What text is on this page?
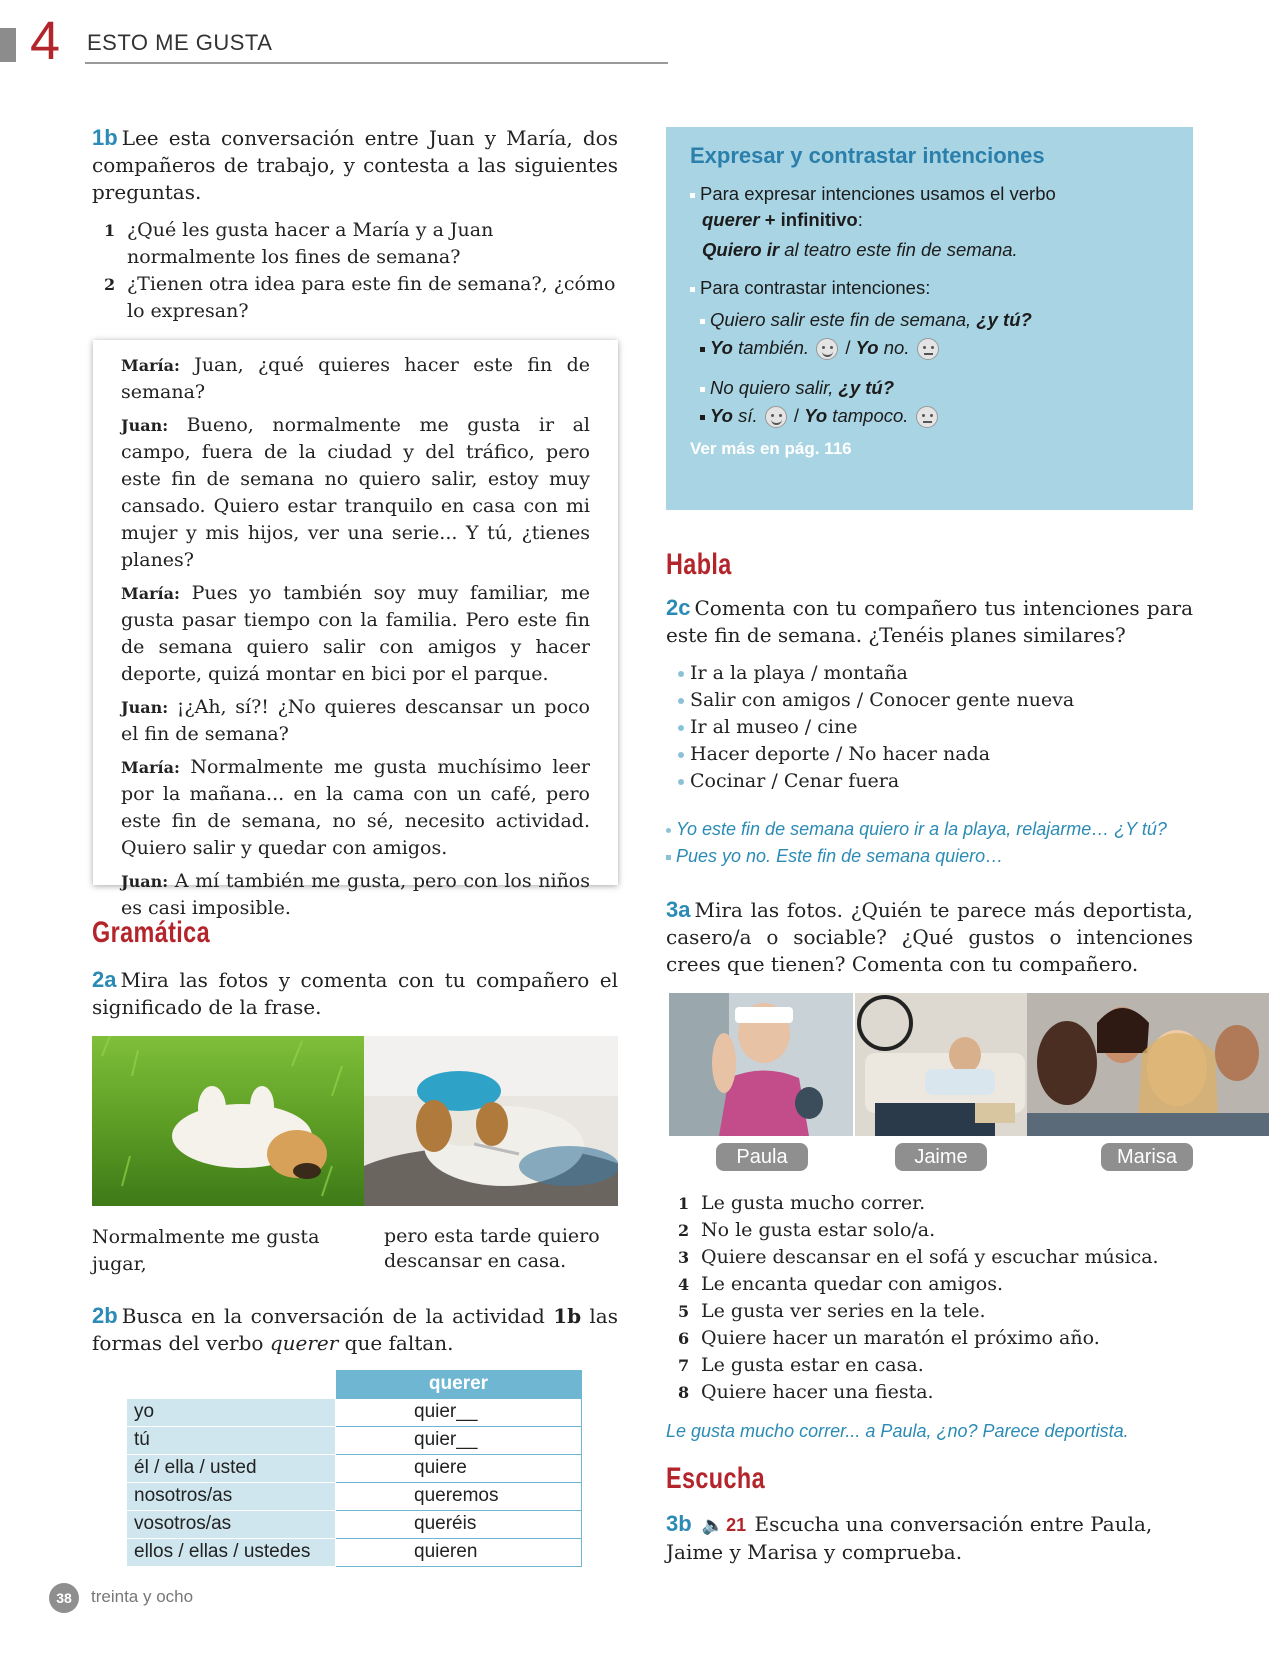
4 ESTO ME GUSTA
1b Lee esta conversación entre Juan y María, dos compañeros de trabajo, y contesta a las siguientes preguntas.
1 ¿Qué les gusta hacer a María y a Juan normalmente los fines de semana?
2 ¿Tienen otra idea para este fin de semana?, ¿cómo lo expresan?
María: Juan, ¿qué quieres hacer este fin de semana?
Juan: Bueno, normalmente me gusta ir al campo, fuera de la ciudad y del tráfico, pero este fin de semana no quiero salir, estoy muy cansado. Quiero estar tranquilo en casa con mi mujer y mis hijos, ver una serie... Y tú, ¿tienes planes?
María: Pues yo también soy muy familiar, me gusta pasar tiempo con la familia. Pero este fin de semana quiero salir con amigos y hacer deporte, quizá montar en bici por el parque.
Juan: ¡¿Ah, sí?! ¿No quieres descansar un poco el fin de semana?
María: Normalmente me gusta muchísimo leer por la mañana... en la cama con un café, pero este fin de semana, no sé, necesito actividad. Quiero salir y quedar con amigos.
Juan: A mí también me gusta, pero con los niños es casi imposible.
Gramática
2a Mira las fotos y comenta con tu compañero el significado de la frase.
Normalmente me gusta jugar,
pero esta tarde quiero descansar en casa.
2b Busca en la conversación de la actividad 1b las formas del verbo querer que faltan.
	querer
yo	quier__
tú	quier__
él / ella / usted	quiere
nosotros/as	queremos
vosotros/as	queréis
ellos / ellas / ustedes	quieren
Expresar y contrastar intenciones
Para expresar intenciones usamos el verbo
querer + infinitivo:
Quiero ir al teatro este fin de semana.
Para contrastar intenciones:
Quiero salir este fin de semana, ¿y tú?
Yo también. / Yo no.
No quiero salir, ¿y tú?
Yo sí. / Yo tampoco.
Ver más en pág. 116
Habla
2c Comenta con tu compañero tus intenciones para este fin de semana. ¿Tenéis planes similares?
Ir a la playa / montaña
Salir con amigos / Conocer gente nueva
Ir al museo / cine
Hacer deporte / No hacer nada
Cocinar / Cenar fuera
Yo este fin de semana quiero ir a la playa, relajarme… ¿Y tú?
Pues yo no. Este fin de semana quiero…
3a Mira las fotos. ¿Quién te parece más deportista, casero/a o sociable? ¿Qué gustos o intenciones crees que tienen? Comenta con tu compañero.
Paula	Jaime	Marisa
1 Le gusta mucho correr.
2 No le gusta estar solo/a.
3 Quiere descansar en el sofá y escuchar música.
4 Le encanta quedar con amigos.
5 Le gusta ver series en la tele.
6 Quiere hacer un maratón el próximo año.
7 Le gusta estar en casa.
8 Quiere hacer una fiesta.
Le gusta mucho correr... a Paula, ¿no? Parece deportista.
Escucha
3b 🔈 21 Escucha una conversación entre Paula, Jaime y Marisa y comprueba.
38	treinta y ocho
